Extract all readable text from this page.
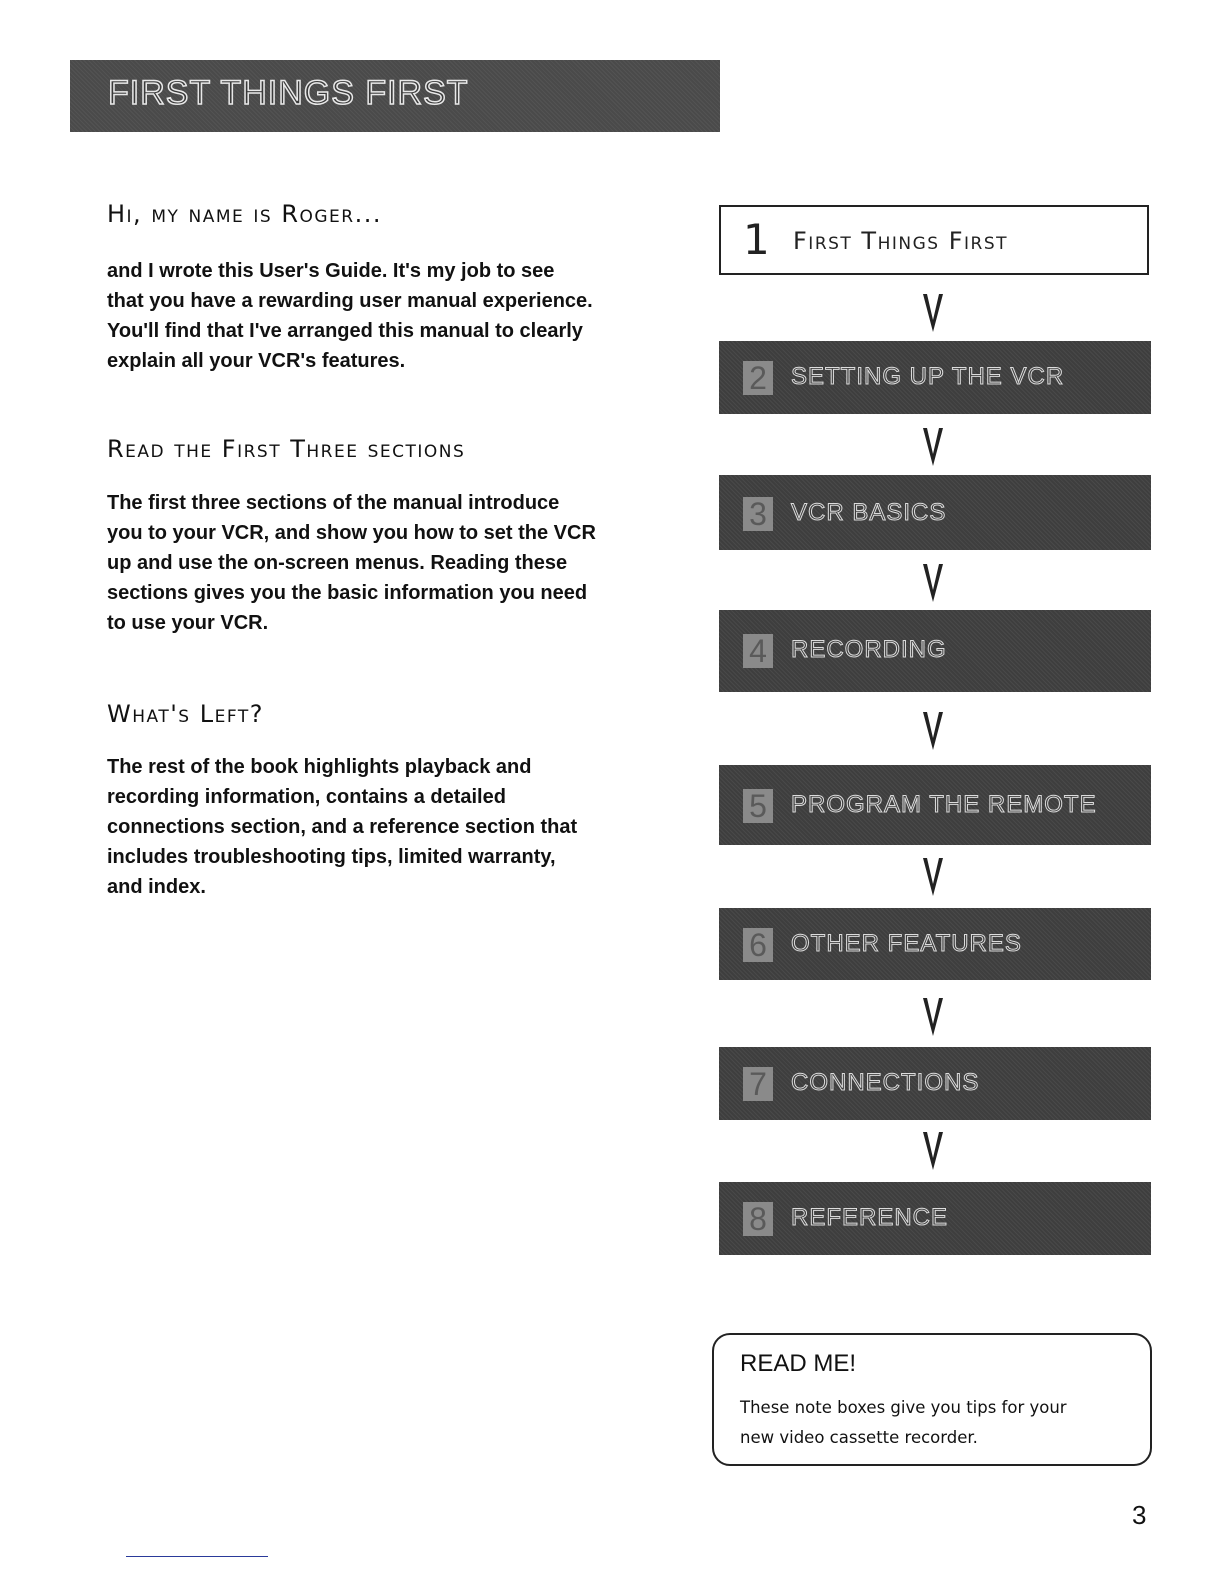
FIRST THINGS FIRST
Hi, my name is Roger...
and I wrote this User's Guide. It's my job to see
that you have a rewarding user manual experience.
You'll find that I've arranged this manual to clearly
explain all your VCR's features.
Read the First Three sections
The first three sections of the manual introduce
you to your VCR, and show you how to set the VCR
up and use the on-screen menus. Reading these
sections gives you the basic information you need
to use your VCR.
What's Left?
The rest of the book highlights playback and
recording information, contains a detailed
connections section, and a reference section that
includes troubleshooting tips, limited warranty,
and index.
1 First Things First
2 SETTING UP THE VCR
3 VCR BASICS
4 RECORDING
5 PROGRAM THE REMOTE
6 OTHER FEATURES
7 CONNECTIONS
8 REFERENCE
READ ME!
These note boxes give you tips for your
new video cassette recorder.
3
